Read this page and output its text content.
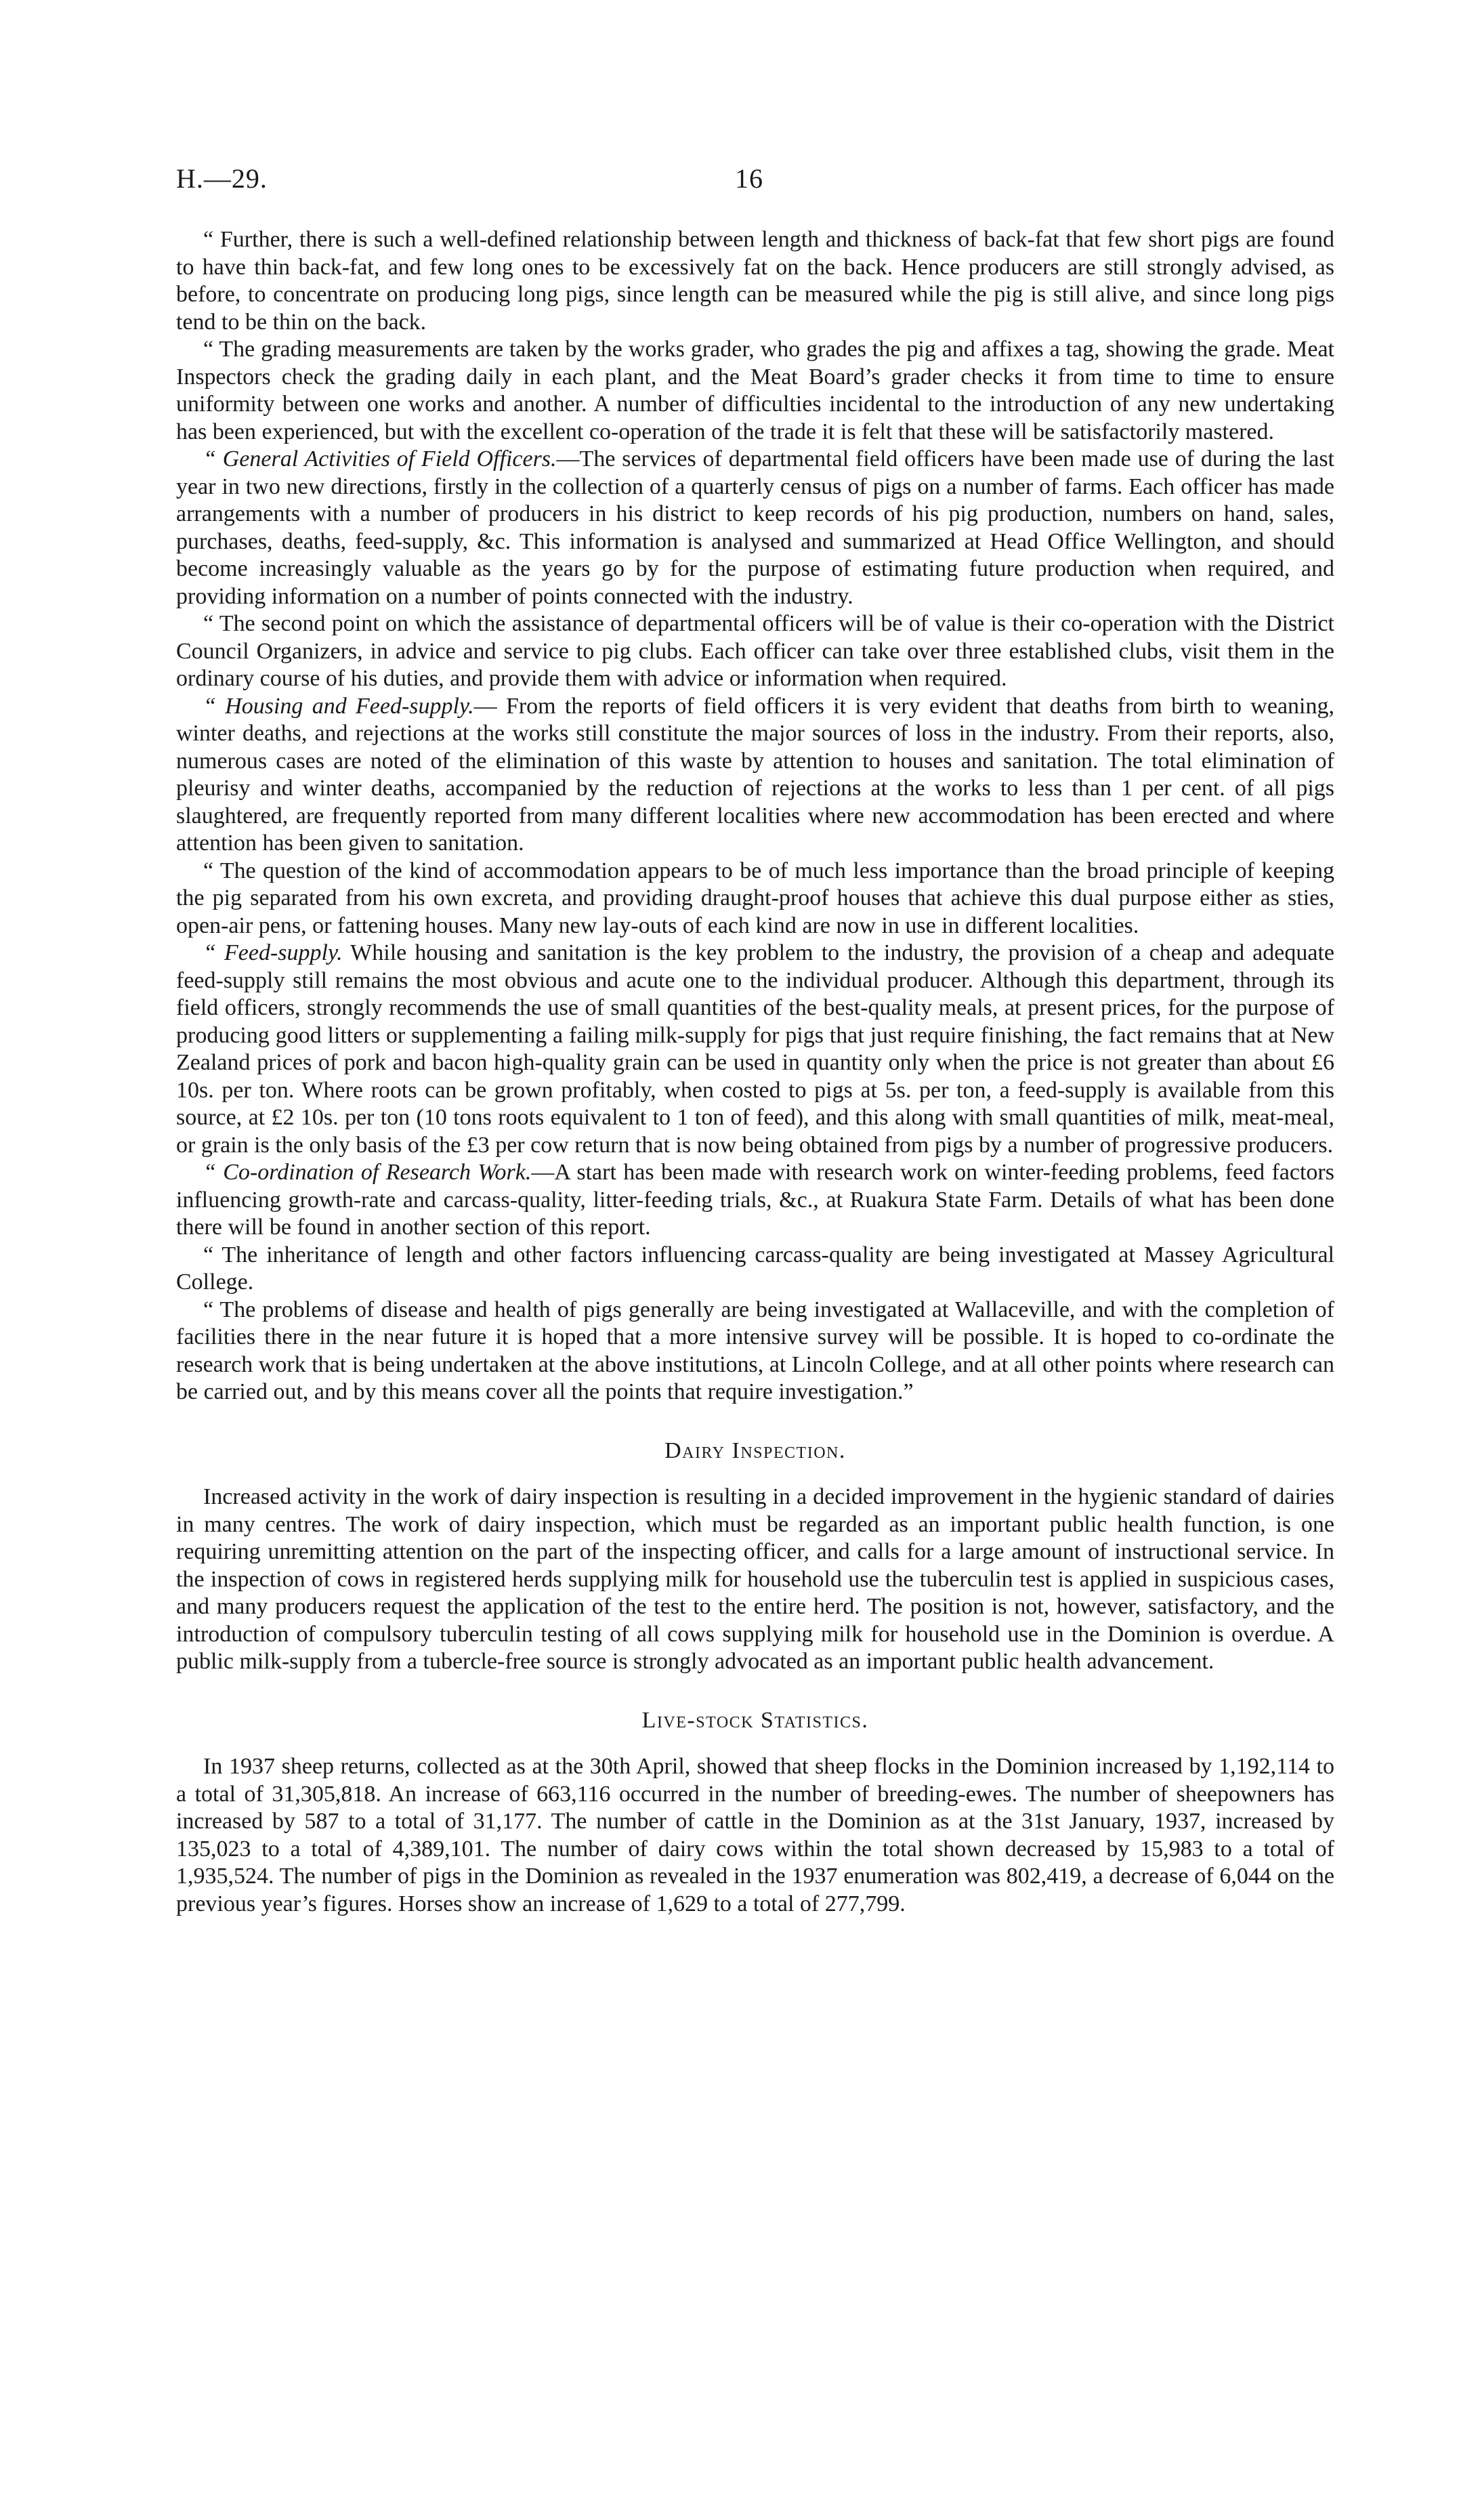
H.—29.	16

“ Further, there is such a well-defined relationship between length and thickness of back-fat that few short pigs are found to have thin back-fat, and few long ones to be excessively fat on the back. Hence producers are still strongly advised, as before, to concentrate on producing long pigs, since length can be measured while the pig is still alive, and since long pigs tend to be thin on the back.

“ The grading measurements are taken by the works grader, who grades the pig and affixes a tag, showing the grade. Meat Inspectors check the grading daily in each plant, and the Meat Board’s grader checks it from time to time to ensure uniformity between one works and another. A number of difficulties incidental to the introduction of any new undertaking has been experienced, but with the excellent co-operation of the trade it is felt that these will be satisfactorily mastered.

“ General Activities of Field Officers.—The services of departmental field officers have been made use of during the last year in two new directions, firstly in the collection of a quarterly census of pigs on a number of farms. Each officer has made arrangements with a number of producers in his district to keep records of his pig production, numbers on hand, sales, purchases, deaths, feed-supply, &c. This information is analysed and summarized at Head Office Wellington, and should become increasingly valuable as the years go by for the purpose of estimating future production when required, and providing information on a number of points connected with the industry.

“ The second point on which the assistance of departmental officers will be of value is their co-operation with the District Council Organizers, in advice and service to pig clubs. Each officer can take over three established clubs, visit them in the ordinary course of his duties, and provide them with advice or information when required.

“ Housing and Feed-supply.— From the reports of field officers it is very evident that deaths from birth to weaning, winter deaths, and rejections at the works still constitute the major sources of loss in the industry. From their reports, also, numerous cases are noted of the elimination of this waste by attention to houses and sanitation. The total elimination of pleurisy and winter deaths, accompanied by the reduction of rejections at the works to less than 1 per cent. of all pigs slaughtered, are frequently reported from many different localities where new accommodation has been erected and where attention has been given to sanitation.

“ The question of the kind of accommodation appears to be of much less importance than the broad principle of keeping the pig separated from his own excreta, and providing draught-proof houses that achieve this dual purpose either as sties, open-air pens, or fattening houses. Many new lay-outs of each kind are now in use in different localities.

“ Feed-supply. While housing and sanitation is the key problem to the industry, the provision of a cheap and adequate feed-supply still remains the most obvious and acute one to the individual producer. Although this department, through its field officers, strongly recommends the use of small quantities of the best-quality meals, at present prices, for the purpose of producing good litters or supplementing a failing milk-supply for pigs that just require finishing, the fact remains that at New Zealand prices of pork and bacon high-quality grain can be used in quantity only when the price is not greater than about £6 10s. per ton. Where roots can be grown profitably, when costed to pigs at 5s. per ton, a feed-supply is available from this source, at £2 10s. per ton (10 tons roots equivalent to 1 ton of feed), and this along with small quantities of milk, meat-meal, or grain is the only basis of the £3 per cow return that is now being obtained from pigs by a number of progressive producers.

“ Co-ordination of Research Work.—A start has been made with research work on winter-feeding problems, feed factors influencing growth-rate and carcass-quality, litter-feeding trials, &c., at Ruakura State Farm. Details of what has been done there will be found in another section of this report.

“ The inheritance of length and other factors influencing carcass-quality are being investigated at Massey Agricultural College.

“ The problems of disease and health of pigs generally are being investigated at Wallaceville, and with the completion of facilities there in the near future it is hoped that a more intensive survey will be possible. It is hoped to co-ordinate the research work that is being undertaken at the above institutions, at Lincoln College, and at all other points where research can be carried out, and by this means cover all the points that require investigation.”

Dairy Inspection.

Increased activity in the work of dairy inspection is resulting in a decided improvement in the hygienic standard of dairies in many centres. The work of dairy inspection, which must be regarded as an important public health function, is one requiring unremitting attention on the part of the inspecting officer, and calls for a large amount of instructional service. In the inspection of cows in registered herds supplying milk for household use the tuberculin test is applied in suspicious cases, and many producers request the application of the test to the entire herd. The position is not, however, satisfactory, and the introduction of compulsory tuberculin testing of all cows supplying milk for household use in the Dominion is overdue. A public milk-supply from a tubercle-free source is strongly advocated as an important public health advancement.

Live-stock Statistics.

In 1937 sheep returns, collected as at the 30th April, showed that sheep flocks in the Dominion increased by 1,192,114 to a total of 31,305,818. An increase of 663,116 occurred in the number of breeding-ewes. The number of sheepowners has increased by 587 to a total of 31,177. The number of cattle in the Dominion as at the 31st January, 1937, increased by 135,023 to a total of 4,389,101. The number of dairy cows within the total shown decreased by 15,983 to a total of 1,935,524. The number of pigs in the Dominion as revealed in the 1937 enumeration was 802,419, a decrease of 6,044 on the previous year’s figures. Horses show an increase of 1,629 to a total of 277,799.
